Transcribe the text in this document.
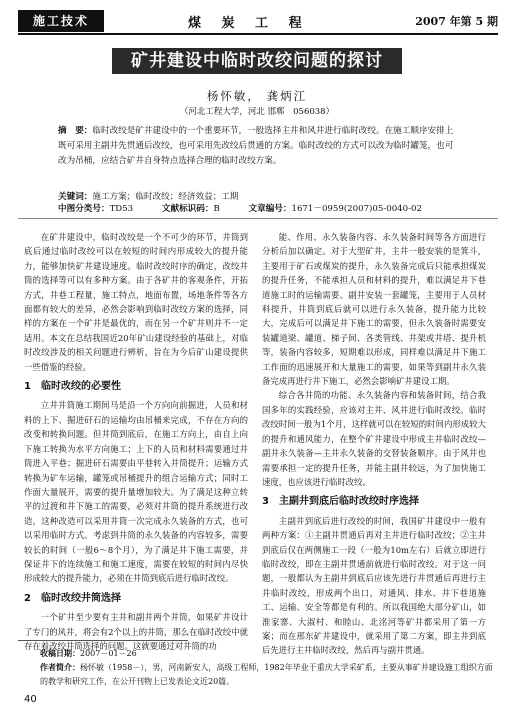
施工技术	煤 炭 工 程	2007 年第 5 期
矿井建设中临时改绞问题的探讨
杨怀敏， 龚炳江
（河北工程大学，河北 邯郸　056038）
摘　要：临时改绞是矿井建设中的一个重要环节，一般选择主井和风井进行临时改绞。在施工顺序安排上既可采用主副井先贯通后改绞，也可采用先改绞后贯通的方案。临时改绞的方式可以改为临时罐笼，也可改为吊桶，应结合矿井自身特点选择合理的临时改绞方案。
关键词：施工方案；临时改绞；经济效益；工期
中图分类号：TD53	文献标识码：B	文章编号：1671－0959(2007)05-0040-02

在矿井建设中，临时改绞是一个不可少的环节，井筒到底后通过临时改绞可以在较短的时间内形成较大的提升能力，能够加快矿井建设速度。临时改绞时序的确定，改绞井筒的选择等可以有多种方案。由于各矿井的客观条件，开拓方式，井巷工程量，施工特点，地面布置，场地条件等各方面都有较大的差异，必然会影响到临时改绞方案的选择，同样的方案在一个矿井是最优的，而在另一个矿井则并不一定适用。本文在总结我国近20年矿山建设经验的基础上，对临时改绞涉及的相关问题进行辨析，旨在为今后矿山建设提供一些借鉴的经验。

1　临时改绞的必要性

立井井筒施工期间马是沿一个方向向前掘进，人员和材料的上下、掘进矸石的运输均由吊桶来完成，不存在方向的改变和转换问题。但井筒到底后，在施工方向上，由自上向下施工转换为水平方向施工；上下的人员和材料需要通过井筒进入平巷；掘进矸石需要由平巷转入井筒提升；运输方式转换为矿车运输，罐笼或吊桶提升的组合运输方式；同时工作面大量展开，需要的提升量增加较大。为了满足这种立转平的过渡和井下施工的需要，必须对井筒的提升系统进行改造，这种改造可以采用井筒一次完成永久装备的方式，也可以采用临时方式。考虑到井筒的永久装备的内容较多，需要较长的时间（一般6～8个月），为了满足井下施工需要，并保证井下的连续施工和施工速度，需要在较短的时间内尽快形成较大的提升能力，必须在井筒到底后进行临时改绞。

2　临时改绞井筒选择

一个矿井至少要有主井和副井两个井筒，如果矿井设计了专门的风井，将会有2个以上的井筒，那么在临时改绞中就存在着改绞井筒选择的问题。这就要通过对井筒的功

能、作用、永久装备内容、永久装备时间等各方面进行分析后加以确定。对于大型矿井，主井一般安装的是箕斗，主要用于矿石或煤炭的提升，永久装备完成后只能承担煤炭的提升任务，不能承担人员和材料的提升，难以满足井下巷道施工时的运输需要。副井安装一套罐笼，主要用于人员材料提升，井筒到底后就可以进行永久装备，提升能力比较大，完成后可以满足井下施工的需要，但永久装备时需要安装罐道梁、罐道、梯子间、各类管线、井架或井塔、提升机等，装备内容较多，短期难以形成，同样难以满足井下施工工作面的迅速展开和大量施工的需要，如果等到副井永久装备完成再进行井下施工，必然会影响矿井建设工期。

综合各井筒的功能、永久装备内容和装备时间，结合我国多年的实践经验，应该对主井、风井进行临时改绞。临时改绞时间一般为1个月，这样就可以在较短的时间内形成较大的提升和通风能力，在整个矿井建设中形成主井临时改绞—副井永久装备—主井永久装备的交替装备顺序。由于风井也需要承担一定的提升任务，并能主副井较远，为了加快施工速度，也应该进行临时改绞。

3　主副井到底后临时改绞时序选择

主副井到底后进行改绞的时间，我国矿井建设中一般有两种方案：①主副井贯通后再对主井进行临时改绞；②主井到底后仅在两侧施工一段（一般为10m左右）后就立即进行临时改绞，即在主副井贯通前就进行临时改绞。对于这一问题，一般都认为主副井到底后应该先进行井贯通后再进行主井临时改绞，形成两个出口，对通风、排水、井下巷道施工、运输、安全等都是有利的。所以我国绝大部分矿山，如淮家寨、大淑村、和睦山、北洺河等矿井都采用了第一方案；而在邢东矿井建设中，就采用了第二方案，即主井到底后先进行主井临时改绞，然后再与副井贯通。

收稿日期：2007－01－26
作者简介：杨怀敏（1958－），男，河南新安人，高级工程师，1982年毕业于重庆大学采矿系，主要从事矿井建设施工组织方面的教学和研究工作，在公开刊物上已发表论文近20篇。
40
